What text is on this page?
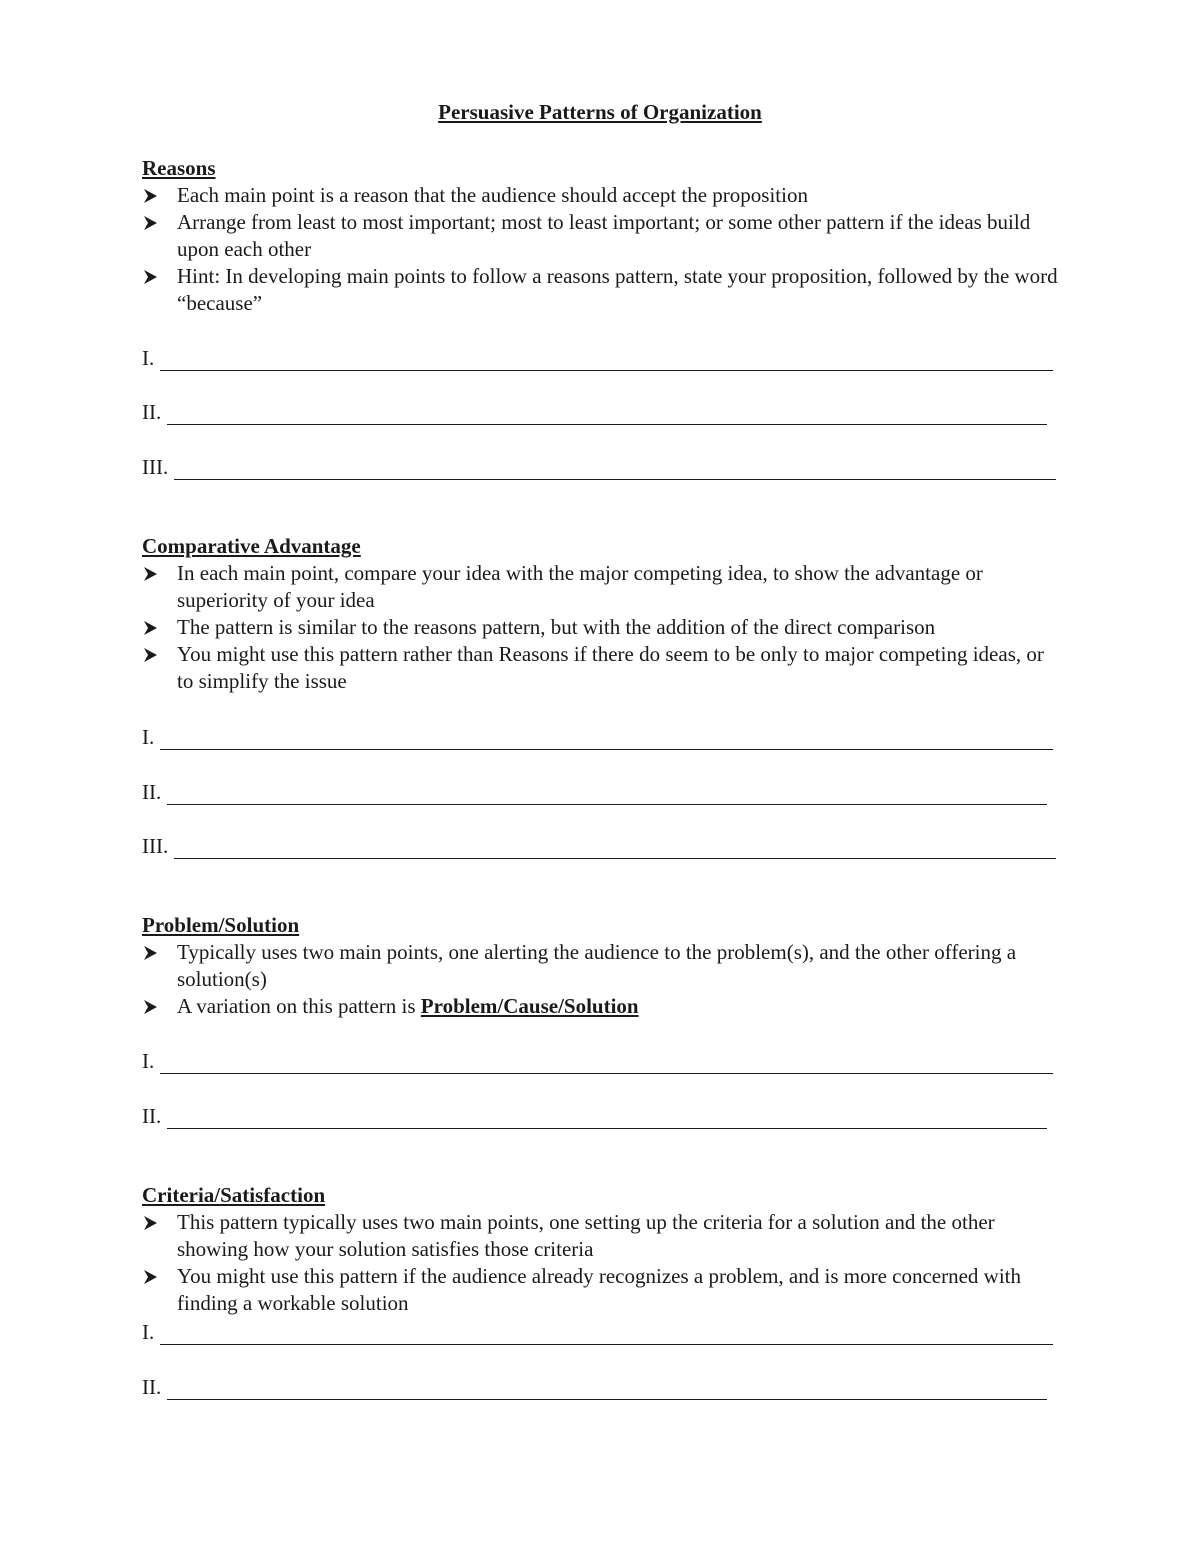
Persuasive Patterns of Organization
Reasons
Each main point is a reason that the audience should accept the proposition
Arrange from least to most important; most to least important; or some other pattern if the ideas build upon each other
Hint: In developing main points to follow a reasons pattern, state your proposition, followed by the word “because”
I.
II.
III.
Comparative Advantage
In each main point, compare your idea with the major competing idea, to show the advantage or superiority of your idea
The pattern is similar to the reasons pattern, but with the addition of the direct comparison
You might use this pattern rather than Reasons if there do seem to be only to major competing ideas, or to simplify the issue
I.
II.
III.
Problem/Solution
Typically uses two main points, one alerting the audience to the problem(s), and the other offering a solution(s)
A variation on this pattern is Problem/Cause/Solution
I.
II.
Criteria/Satisfaction
This pattern typically uses two main points, one setting up the criteria for a solution and the other showing how your solution satisfies those criteria
You might use this pattern if the audience already recognizes a problem, and is more concerned with finding a workable solution
I.
II.
